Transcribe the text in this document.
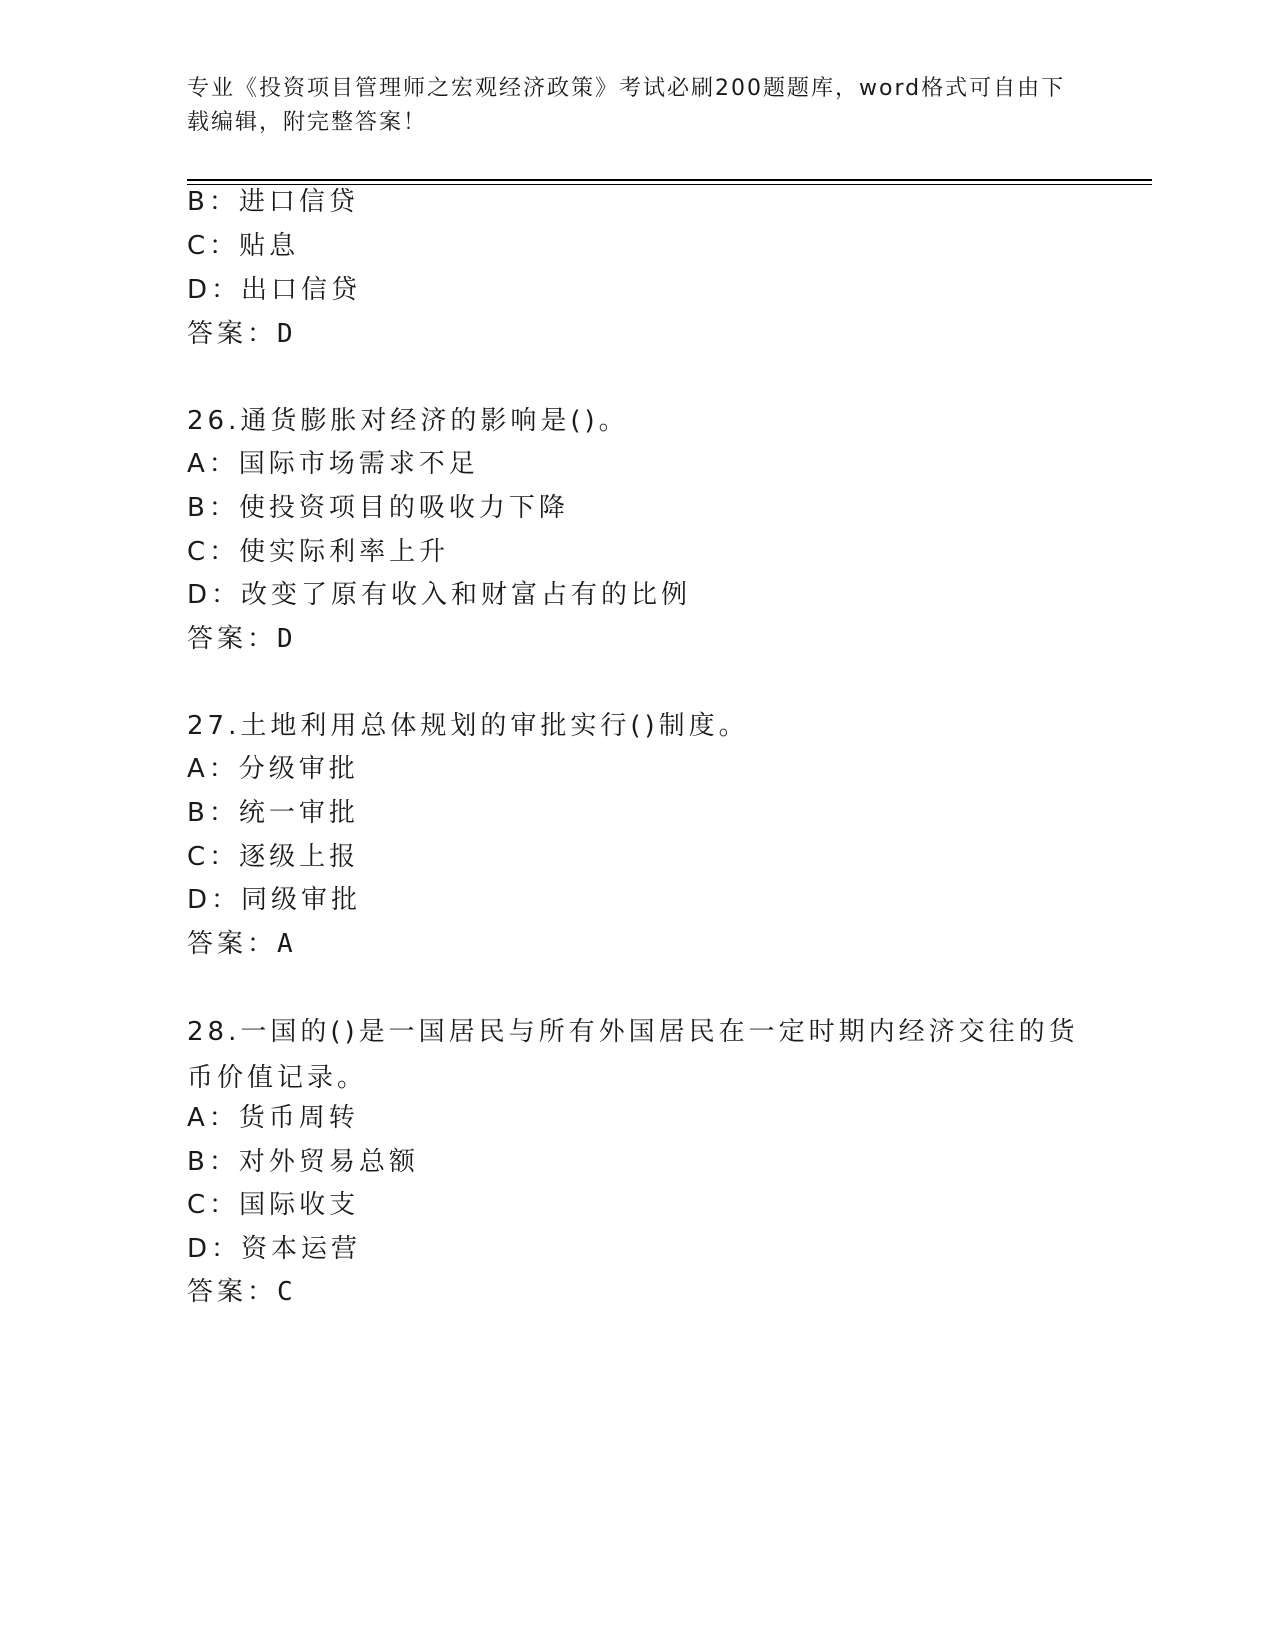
专业《投资项目管理师之宏观经济政策》考试必刷200题题库，word格式可自由下载编辑，附完整答案！
B：进口信贷
C：贴息
D：出口信贷
答案：D
26.通货膨胀对经济的影响是()。
A：国际市场需求不足
B：使投资项目的吸收力下降
C：使实际利率上升
D：改变了原有收入和财富占有的比例
答案：D
27.土地利用总体规划的审批实行()制度。
A：分级审批
B：统一审批
C：逐级上报
D：同级审批
答案：A
28.一国的()是一国居民与所有外国居民在一定时期内经济交往的货币价值记录。
A：货币周转
B：对外贸易总额
C：国际收支
D：资本运营
答案：C
